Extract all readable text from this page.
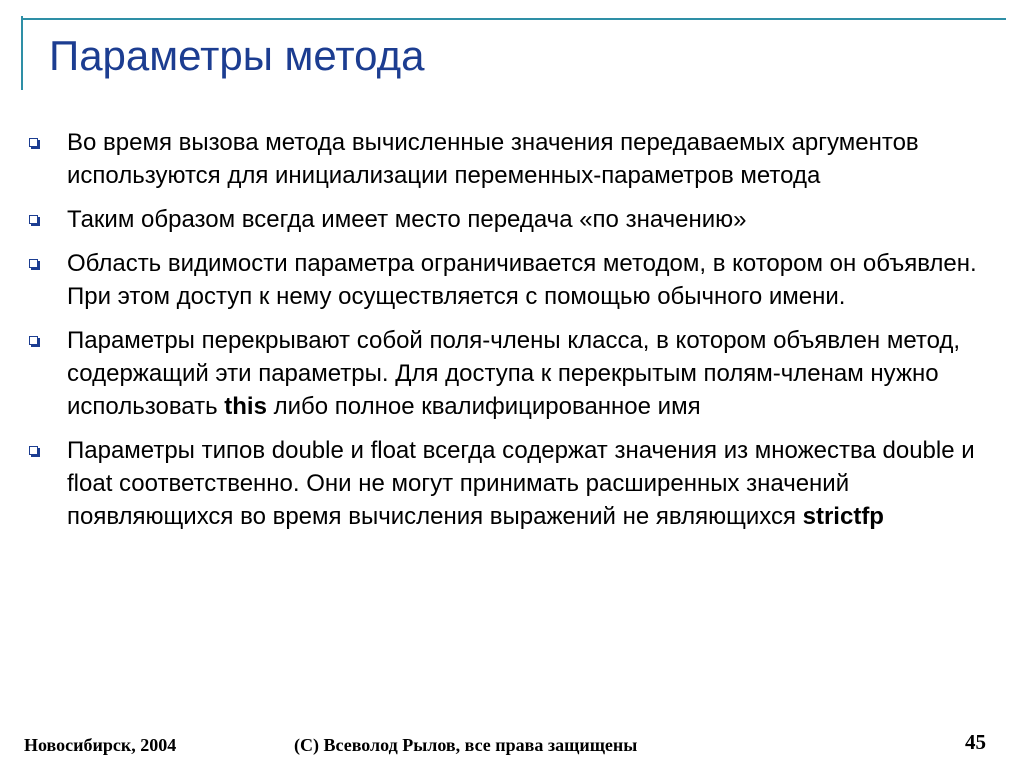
Параметры метода
Во время вызова метода вычисленные значения передаваемых аргументов используются для инициализации переменных-параметров метода
Таким образом всегда имеет место передача «по значению»
Область видимости параметра ограничивается методом, в котором он объявлен. При этом доступ к нему осуществляется с помощью обычного имени.
Параметры перекрывают собой поля-члены класса, в котором объявлен метод, содержащий эти параметры. Для доступа к перекрытым полям-членам нужно использовать this либо полное квалифицированное имя
Параметры типов double и float всегда содержат значения из множества double и float соответственно. Они не могут принимать расширенных значений появляющихся во время вычисления выражений не являющихся strictfp
Новосибирск, 2004	(C) Всеволод Рылов, все права защищены	45
